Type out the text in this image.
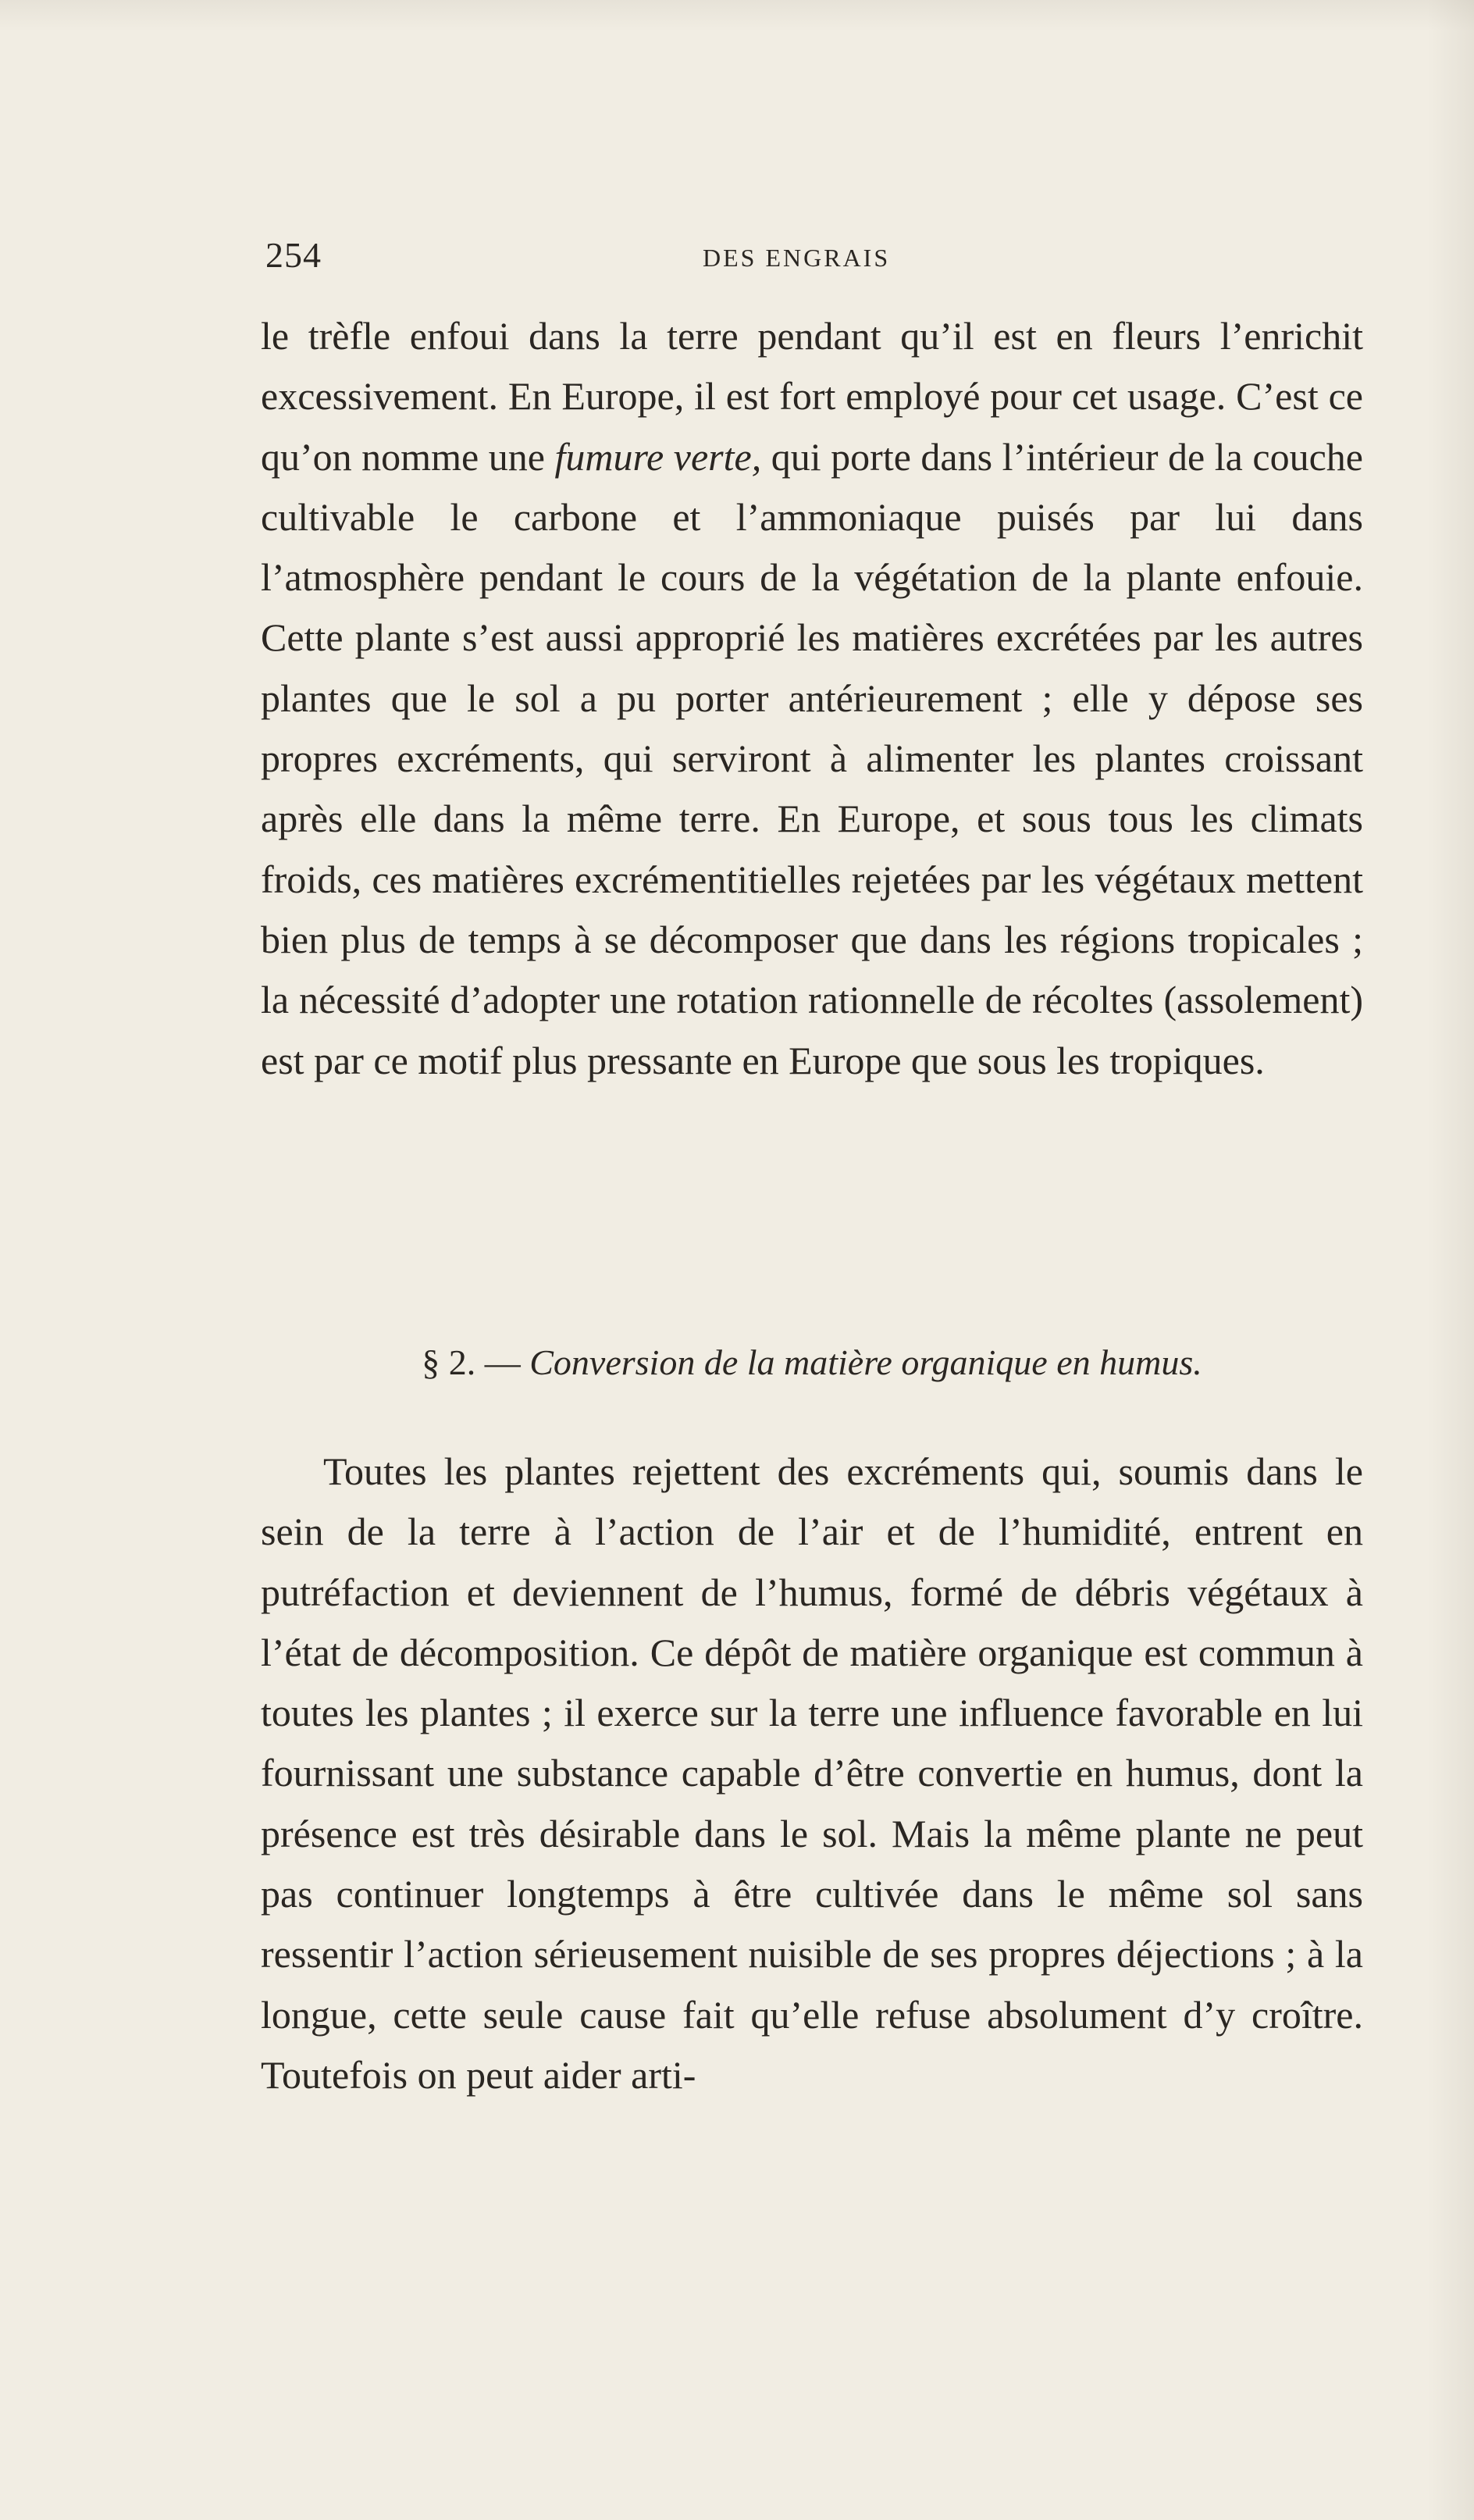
254	DES ENGRAIS
le trèfle enfoui dans la terre pendant qu’il est en fleurs l’enrichit excessivement. En Europe, il est fort employé pour cet usage. C’est ce qu’on nomme une fumure verte, qui porte dans l’intérieur de la couche cultivable le carbone et l’ammoniaque puisés par lui dans l’atmosphère pendant le cours de la végétation de la plante enfouie. Cette plante s’est aussi approprié les matières excrétées par les autres plantes que le sol a pu porter antérieurement ; elle y dépose ses propres excréments, qui serviront à alimenter les plantes croissant après elle dans la même terre. En Europe, et sous tous les climats froids, ces matières excrémentitielles rejetées par les végétaux mettent bien plus de temps à se décomposer que dans les régions tropicales ; la nécessité d’adopter une rotation rationnelle de récoltes (assolement) est par ce motif plus pressante en Europe que sous les tropiques.
§ 2. — Conversion de la matière organique en humus.
Toutes les plantes rejettent des excréments qui, soumis dans le sein de la terre à l’action de l’air et de l’humidité, entrent en putréfaction et deviennent de l’humus, formé de débris végétaux à l’état de décomposition. Ce dépôt de matière organique est commun à toutes les plantes ; il exerce sur la terre une influence favorable en lui fournissant une substance capable d’être convertie en humus, dont la présence est très désirable dans le sol. Mais la même plante ne peut pas continuer longtemps à être cultivée dans le même sol sans ressentir l’action sérieusement nuisible de ses propres déjections ; à la longue, cette seule cause fait qu’elle refuse absolument d’y croître. Toutefois on peut aider arti-
